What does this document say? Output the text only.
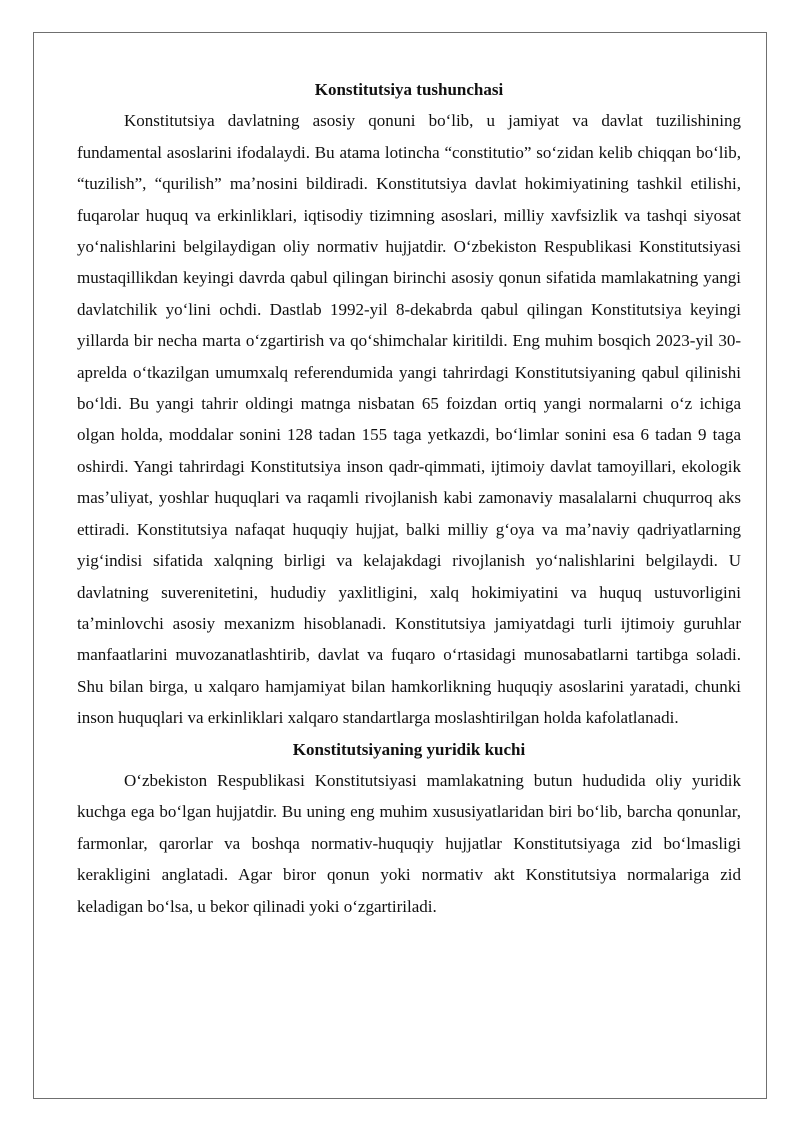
Konstitutsiya tushunchasi

Konstitutsiya davlatning asosiy qonuni boʻlib, u jamiyat va davlat tuzilishining fundamental asoslarini ifodalaydi. Bu atama lotincha “constitutio” soʻzidan kelib chiqqan boʻlib, “tuzilish”, “qurilish” maʼnosini bildiradi. Konstitutsiya davlat hokimiyatining tashkil etilishi, fuqarolar huquq va erkinliklari, iqtisodiy tizimning asoslari, milliy xavfsizlik va tashqi siyosat yoʻnalishlarini belgilaydigan oliy normativ hujjatdir. Oʻzbekiston Respublikasi Konstitutsiyasi mustaqillikdan keyingi davrda qabul qilingan birinchi asosiy qonun sifatida mamlakatning yangi davlatchilik yoʻlini ochdi. Dastlab 1992-yil 8-dekabrda qabul qilingan Konstitutsiya keyingi yillarda bir necha marta oʻzgartirish va qoʻshimchalar kiritildi. Eng muhim bosqich 2023-yil 30-aprelda oʻtkazilgan umumxalq referendumida yangi tahrirdagi Konstitutsiyaning qabul qilinishi boʻldi. Bu yangi tahrir oldingi matnga nisbatan 65 foizdan ortiq yangi normalarni oʻz ichiga olgan holda, moddalar sonini 128 tadan 155 taga yetkazdi, boʻlimlar sonini esa 6 tadan 9 taga oshirdi. Yangi tahrirdagi Konstitutsiya inson qadr-qimmati, ijtimoiy davlat tamoyillari, ekologik masʼuliyat, yoshlar huquqlari va raqamli rivojlanish kabi zamonaviy masalalarni chuqurroq aks ettiradi. Konstitutsiya nafaqat huquqiy hujjat, balki milliy gʻoya va maʼnaviy qadriyatlarning yigʻindisi sifatida xalqning birligi va kelajakdagi rivojlanish yoʻnalishlarini belgilaydi. U davlatning suverenitetini, hududiy yaxlitligini, xalq hokimiyatini va huquq ustuvorligini taʼminlovchi asosiy mexanizm hisoblanadi. Konstitutsiya jamiyatdagi turli ijtimoiy guruhlar manfaatlarini muvozanatlashtirib, davlat va fuqaro oʻrtasidagi munosabatlarni tartibga soladi. Shu bilan birga, u xalqaro hamjamiyat bilan hamkorlikning huquqiy asoslarini yaratadi, chunki inson huquqlari va erkinliklari xalqaro standartlarga moslashtirilgan holda kafolatlanadi.

Konstitutsiyaning yuridik kuchi

Oʻzbekiston Respublikasi Konstitutsiyasi mamlakatning butun hududida oliy yuridik kuchga ega boʻlgan hujjatdir. Bu uning eng muhim xususiyatlaridan biri boʻlib, barcha qonunlar, farmonlar, qarorlar va boshqa normativ-huquqiy hujjatlar Konstitutsiyaga zid boʻlmasligi kerakligini anglatadi. Agar biror qonun yoki normativ akt Konstitutsiya normalariga zid keladigan boʻlsa, u bekor qilinadi yoki oʻzgartiriladi.
